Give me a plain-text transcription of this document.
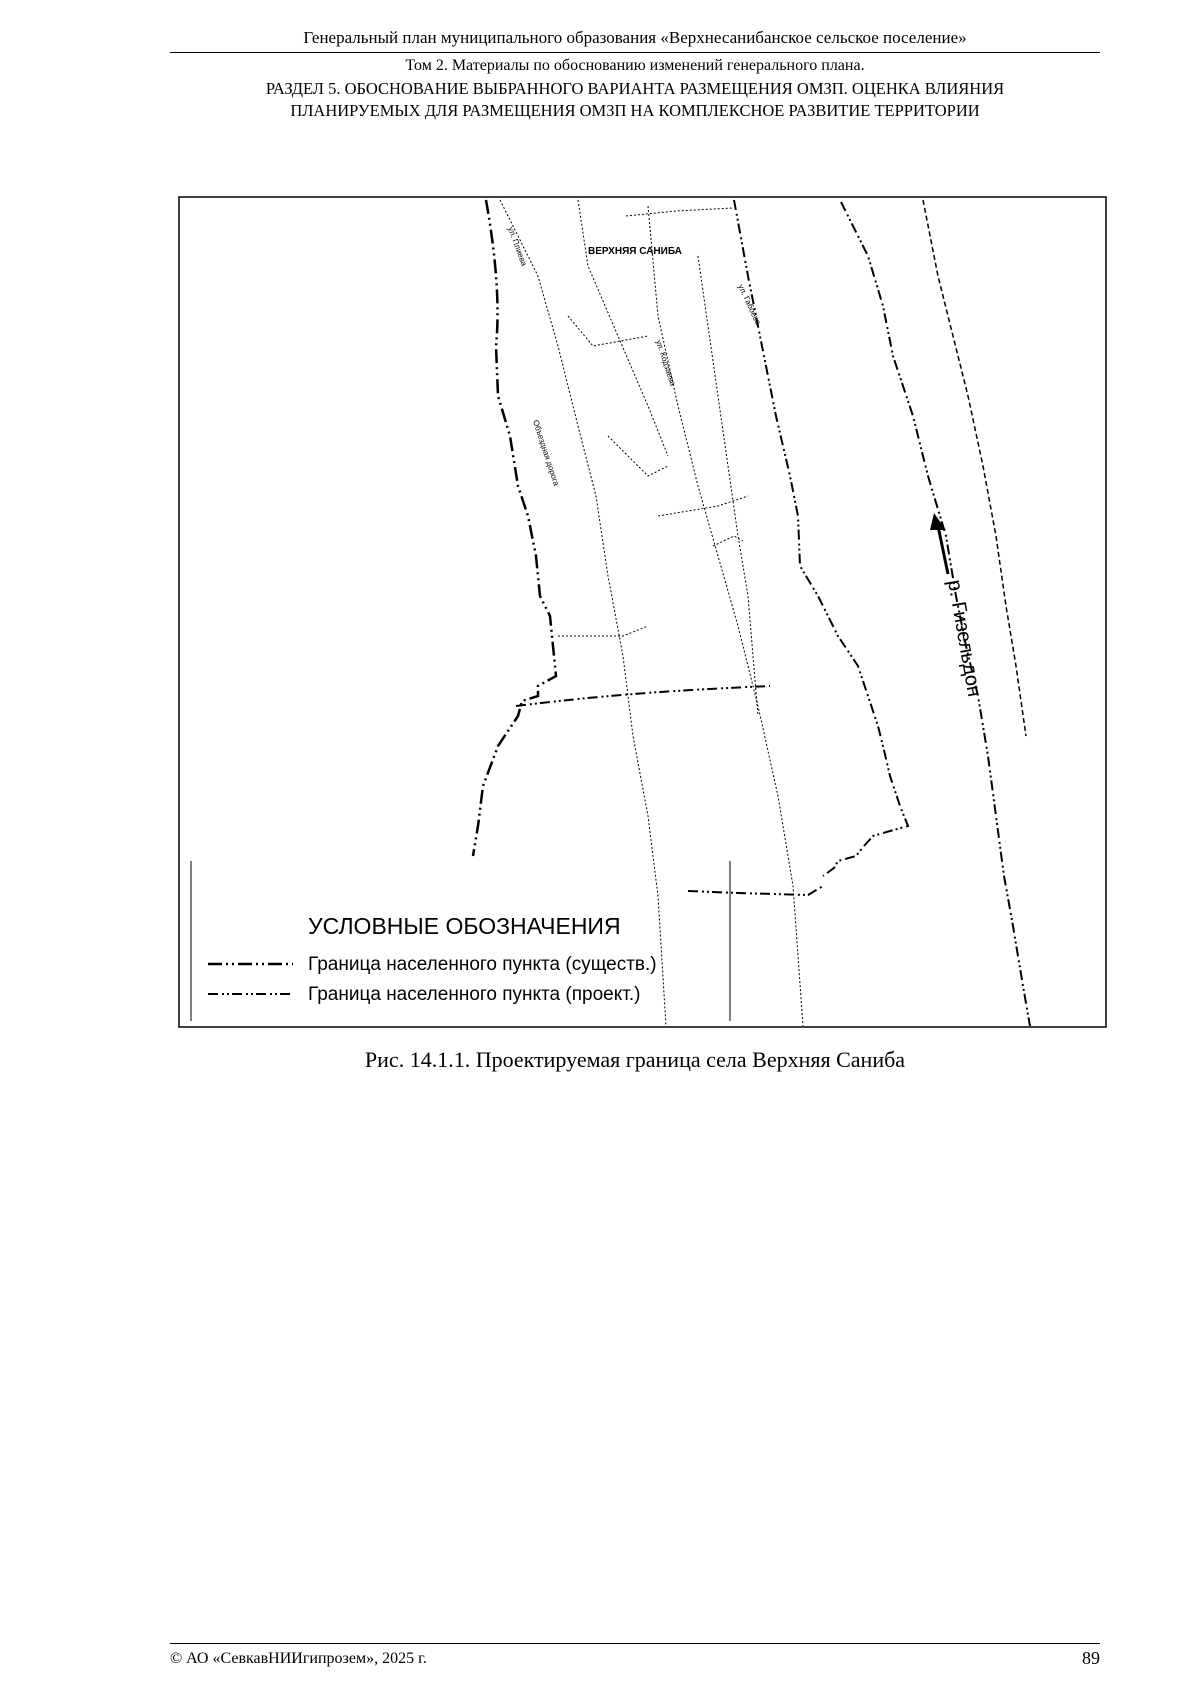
Генеральный план муниципального образования «Верхнесанибанское сельское поселение»
Том 2. Материалы по обоснованию изменений генерального плана.
РАЗДЕЛ 5. ОБОСНОВАНИЕ ВЫБРАННОГО ВАРИАНТА РАЗМЕЩЕНИЯ ОМЗП. ОЦЕНКА ВЛИЯНИЯ
ПЛАНИРУЕМЫХ ДЛЯ РАЗМЕЩЕНИЯ ОМЗП НА КОМПЛЕКСНОЕ РАЗВИТИЕ ТЕРРИТОРИИ
ВЕРХНЯЯ САНИБА
р. Гизельдон
ул. Плиева
ул. Кодзаева
ул. Габоева
Объездная дорога
УСЛОВНЫЕ ОБОЗНАЧЕНИЯ
Граница населенного пункта (существ.)
Граница населенного пункта (проект.)
Рис. 14.1.1. Проектируемая граница села Верхняя Саниба
© АО «СевкавНИИгипрозем», 2025 г.	89
